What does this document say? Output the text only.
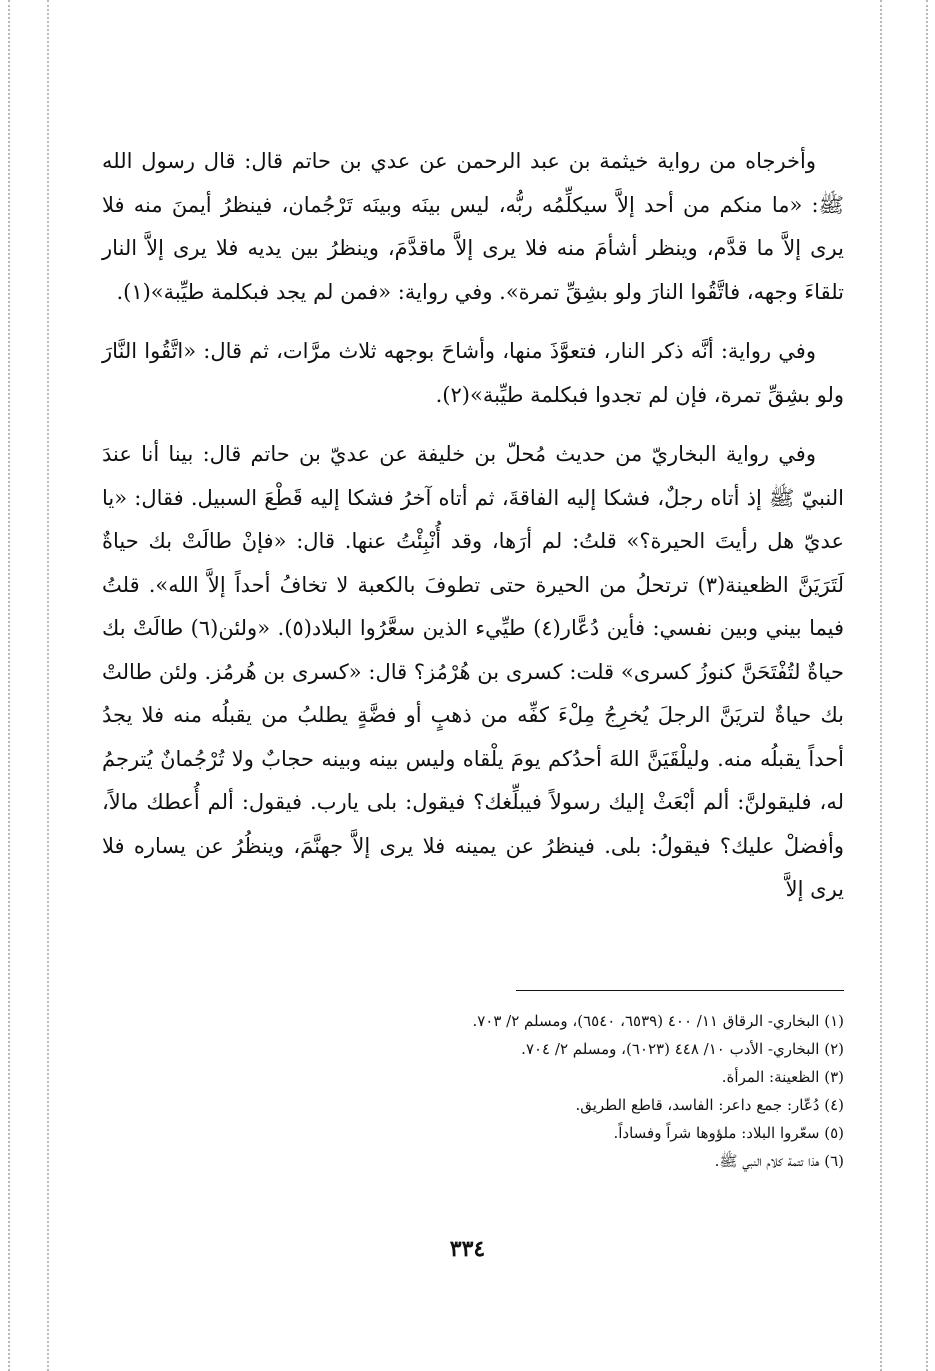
وأخرجاه من رواية خيثمة بن عبد الرحمن عن عدي بن حاتم قال: قال رسول الله ﷺ: «ما منكم من أحد إلاَّ سيكلِّمُه ربُّه، ليس بينَه وبينَه تَرْجُمان، فينظرُ أيمنَ منه فلا يرى إلاَّ ما قدَّم، وينظر أشأمَ منه فلا يرى إلاَّ ماقدَّمَ، وينظرُ بين يديه فلا يرى إلاَّ النار تلقاءَ وجهه، فاتَّقُوا النارَ ولو بشِقِّ تمرة». وفي رواية: «فمن لم يجد فبكلمة طيِّبة»(١).

وفي رواية: أنَّه ذكر النار، فتعوَّذَ منها، وأشاحَ بوجهه ثلاث مرَّات، ثم قال: «اتَّقُوا النَّارَ ولو بشِقِّ تمرة، فإن لم تجدوا فبكلمة طيِّبة»(٢).

وفي رواية البخاريّ من حديث مُحلّ بن خليفة عن عديّ بن حاتم قال: بينا أنا عندَ النبيّ ﷺ إذ أتاه رجلٌ، فشكا إليه الفاقةَ، ثم أتاه آخرُ فشكا إليه قَطْعَ السبيل. فقال: «يا عديّ هل رأيتَ الحيرة؟» قلتُ: لم أرَها، وقد أُنْبِئْتُ عنها. قال: «فإنْ طالَتْ بك حياةٌ لَتَرَيَنَّ الظعينة(٣) ترتحلُ من الحيرة حتى تطوفَ بالكعبة لا تخافُ أحداً إلاَّ الله». قلتُ فيما بيني وبين نفسي: فأين دُعَّار(٤) طيِّيء الذين سعَّرُوا البلاد(٥). «ولئن(٦) طالَتْ بك حياةٌ لتُفْتَحَنَّ كنوزُ كسرى» قلت: كسرى بن هُرْمُز؟ قال: «كسرى بن هُرمُز. ولئن طالتْ بك حياةٌ لتريَنَّ الرجلَ يُخرِجُ مِلْءَ كفِّه من ذهبٍ أو فضَّةٍ يطلبُ من يقبلُه منه فلا يجدُ أحداً يقبلُه منه. وليلْقَيَنَّ اللهَ أحدُكم يومَ يلْقاه وليس بينه وبينه حجابٌ ولا تُرْجُمانٌ يُترجمُ له، فليقولنَّ: ألم أبْعَثْ إليك رسولاً فيبلِّغك؟ فيقول: بلى يارب. فيقول: ألم أُعطك مالاً، وأفضلْ عليك؟ فيقولُ: بلى. فينظرُ عن يمينه فلا يرى إلاَّ جهنَّمَ، وينظُرُ عن يساره فلا يرى إلاَّ

(١) البخاري- الرقاق ١١/ ٤٠٠ (٦٥٣٩، ٦٥٤٠)، ومسلم ٢/ ٧٠٣.
(٢) البخاري- الأدب ١٠/ ٤٤٨ (٦٠٢٣)، ومسلم ٢/ ٧٠٤.
(٣) الظعينة: المرأة.
(٤) دُعّار: جمع داعر: الفاسد، قاطع الطريق.
(٥) سعّروا البلاد: ملؤوها شراً وفساداً.
(٦) هذا تتمة كلام النبي ﷺ.
٣٣٤
